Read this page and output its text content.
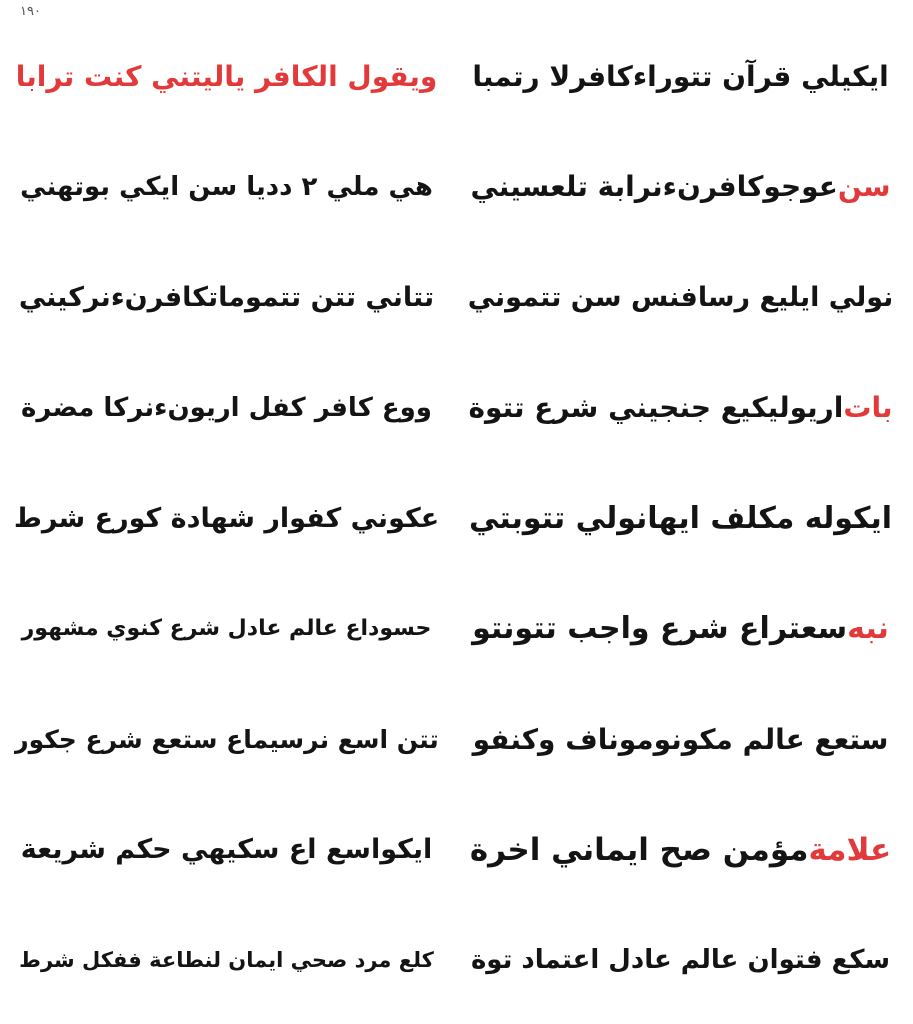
١٩٠
ايكيلي قرآن تتوراءكافرلا رتمبا
سن
عوجوكافرنءنرابة تلعسيني
نولي ايليع رسافنس سن تتموني
بات
اريوليكيع جنجيني شرع تتوة
ايكوله مكلف ايهانولي تتوبتي
نبه
سعتراع شرع واجب تتونتو
ستعع عالم مكونوموناف وكنفو
علامة
مؤمن صح ايماني اخرة
سكع فتوان عالم عادل اعتماد توة
ويقول الكافر ياليتني كنت ترابا
هي ملي ٢ دديا سن ايكي بوتهني
تتاني تتن تتموماتكافرنءنركيني
ووع كافر كفل اريونءنركا مضرة
عكوني كفوار شهادة كورع شرط
حسوداع عالم عادل شرع كنوي مشهور
تتن اسع نرسيماع ستعع شرع جكور
ايكواسع اع سكيهي حكم شريعة
كلع مرد صحي ايمان لنطاعة ففكل شرط
